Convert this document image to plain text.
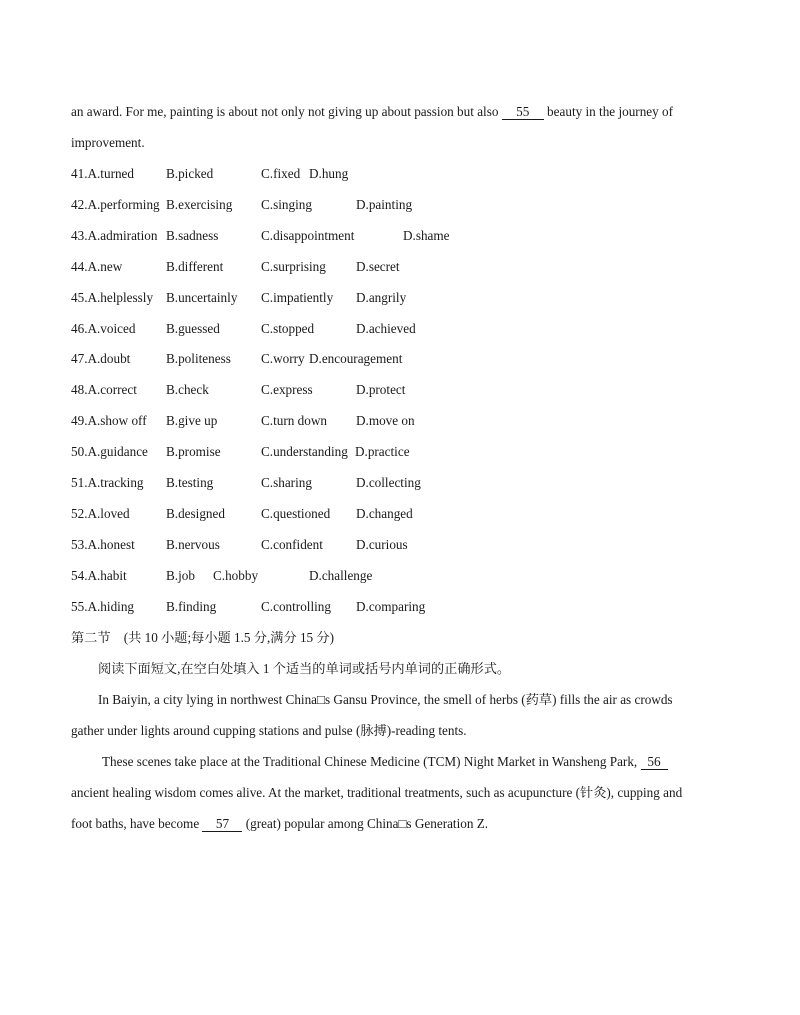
an award. For me, painting is about not only not giving up about passion but also 55 beauty in the journey of
improvement.
41.A.turned B.picked	C.fixed D.hung
42.A.performing B.exercising C.singing	D.painting
43.A.admiration B.sadness	C.disappointment	D.shame
44.A.new	B.different	C.surprising D.secret
45.A.helplessly B.uncertainly C.impatiently D.angrily
46.A.voiced B.guessed	C.stopped	D.achieved
47.A.doubt	B.politeness C.worry D.encouragement
48.A.correct B.check	C.express	D.protect
49.A.show off B.give up	C.turn down D.move on
50.A.guidance B.promise	C.understanding D.practice
51.A.tracking B.testing	C.sharing	D.collecting
52.A.loved	B.designed	C.questioned D.changed
53.A.honest B.nervous	C.confident	D.curious
54.A.habit	B.job C.hobby	D.challenge
55.A.hiding B.finding	C.controlling D.comparing
第二节　(共 10 小题;每小题 1.5 分,满分 15 分)
阅读下面短文,在空白处填入 1 个适当的单词或括号内单词的正确形式。
In Baiyin, a city lying in northwest China□s Gansu Province, the smell of herbs (药草) fills the air as crowds
gather under lights around cupping stations and pulse (脉搏)-reading tents.
These scenes take place at the Traditional Chinese Medicine (TCM) Night Market in Wansheng Park, 56
ancient healing wisdom comes alive. At the market, traditional treatments, such as acupuncture (针灸), cupping and
foot baths, have become 57 (great) popular among China□s Generation Z.
